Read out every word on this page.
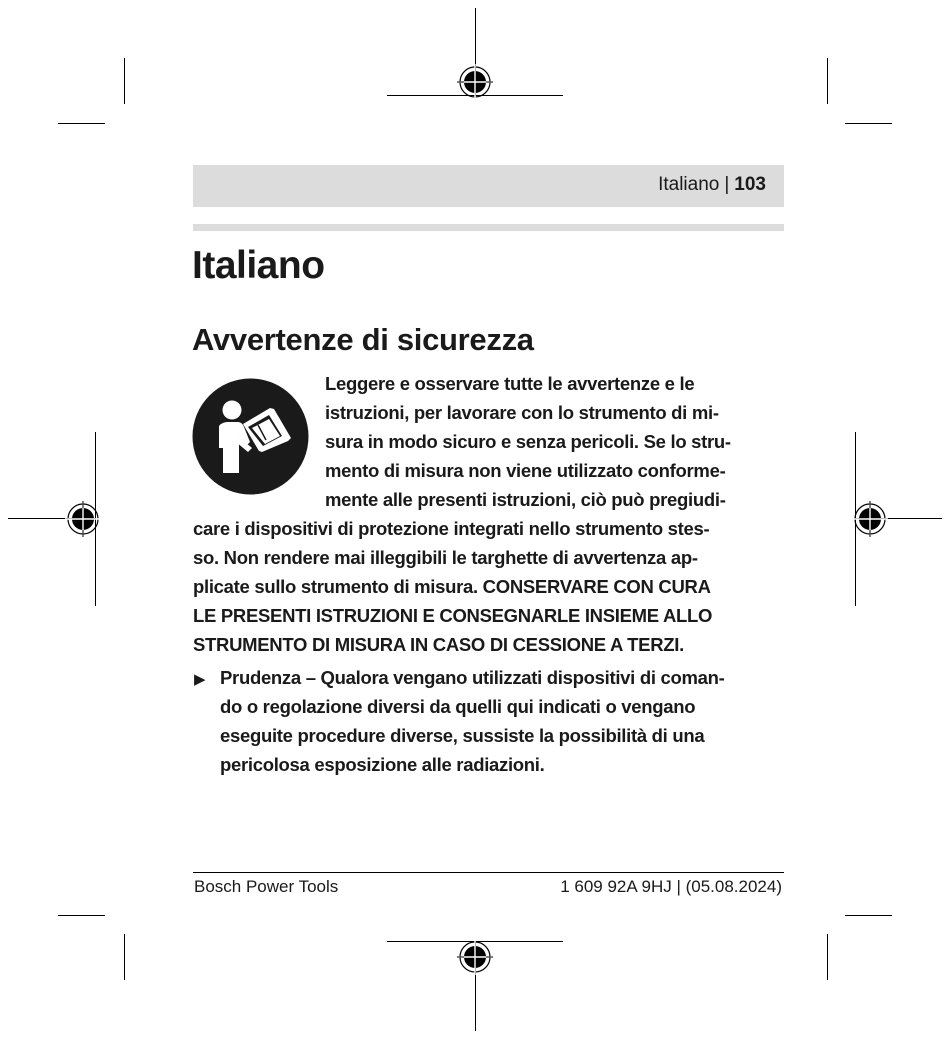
Italiano | 103
Italiano
Avvertenze di sicurezza

Leggere e osservare tutte le avvertenze e le

istruzioni, per lavorare con lo strumento di mi-

sura in modo sicuro e senza pericoli. Se lo stru-

mento di misura non viene utilizzato conforme-

mente alle presenti istruzioni, ciò può pregiudi-

care i dispositivi di protezione integrati nello strumento stes-

so. Non rendere mai illeggibili le targhette di avvertenza ap-

plicate sullo strumento di misura. CONSERVARE CON CURA

LE PRESENTI ISTRUZIONI E CONSEGNARLE INSIEME ALLO

STRUMENTO DI MISURA IN CASO DI CESSIONE A TERZI.

▶ Prudenza – Qualora vengano utilizzati dispositivi di coman-

do o regolazione diversi da quelli qui indicati o vengano

eseguite procedure diverse, sussiste la possibilità di una

pericolosa esposizione alle radiazioni.

Bosch Power Tools	1 609 92A 9HJ | (05.08.2024)
